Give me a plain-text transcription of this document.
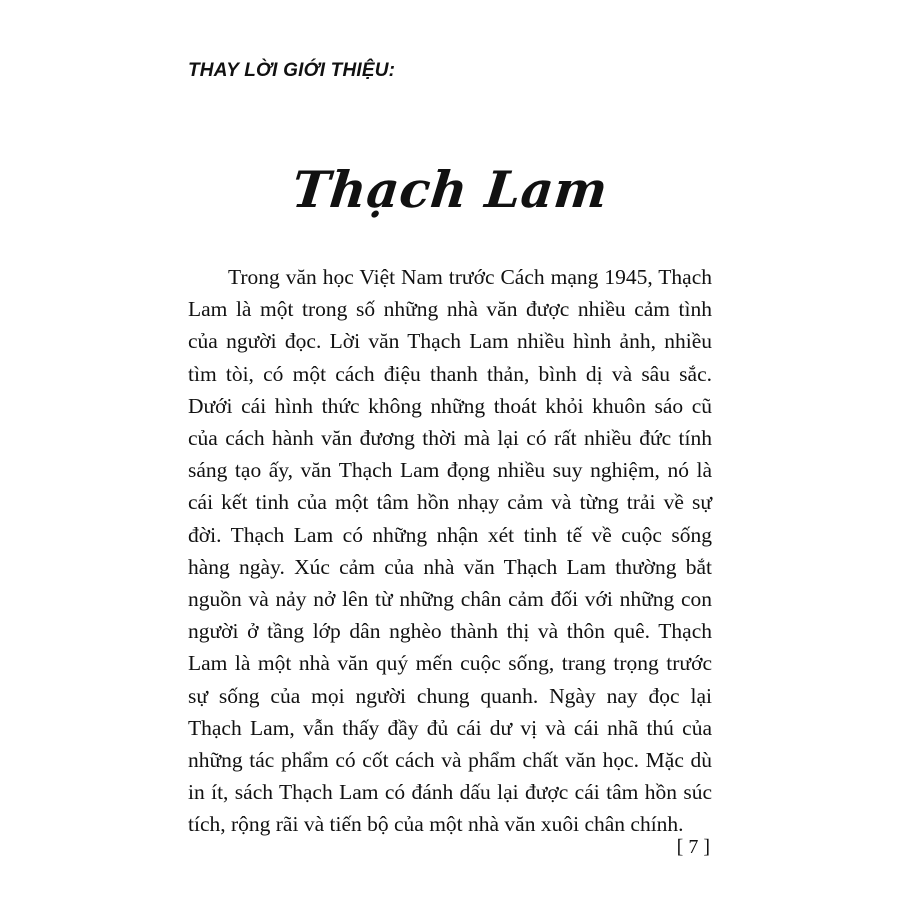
THAY LỜI GIỚI THIỆU:

Thạch Lam

Trong văn học Việt Nam trước Cách mạng 1945, Thạch Lam là một trong số những nhà văn được nhiều cảm tình của người đọc. Lời văn Thạch Lam nhiều hình ảnh, nhiều tìm tòi, có một cách điệu thanh thản, bình dị và sâu sắc. Dưới cái hình thức không những thoát khỏi khuôn sáo cũ của cách hành văn đương thời mà lại có rất nhiều đức tính sáng tạo ấy, văn Thạch Lam đọng nhiều suy nghiệm, nó là cái kết tinh của một tâm hồn nhạy cảm và từng trải về sự đời. Thạch Lam có những nhận xét tinh tế về cuộc sống hàng ngày. Xúc cảm của nhà văn Thạch Lam thường bắt nguồn và nảy nở lên từ những chân cảm đối với những con người ở tầng lớp dân nghèo thành thị và thôn quê. Thạch Lam là một nhà văn quý mến cuộc sống, trang trọng trước sự sống của mọi người chung quanh. Ngày nay đọc lại Thạch Lam, vẫn thấy đầy đủ cái dư vị và cái nhã thú của những tác phẩm có cốt cách và phẩm chất văn học. Mặc dù in ít, sách Thạch Lam có đánh dấu lại được cái tâm hồn súc tích, rộng rãi và tiến bộ của một nhà văn xuôi chân chính.

[ 7 ]
